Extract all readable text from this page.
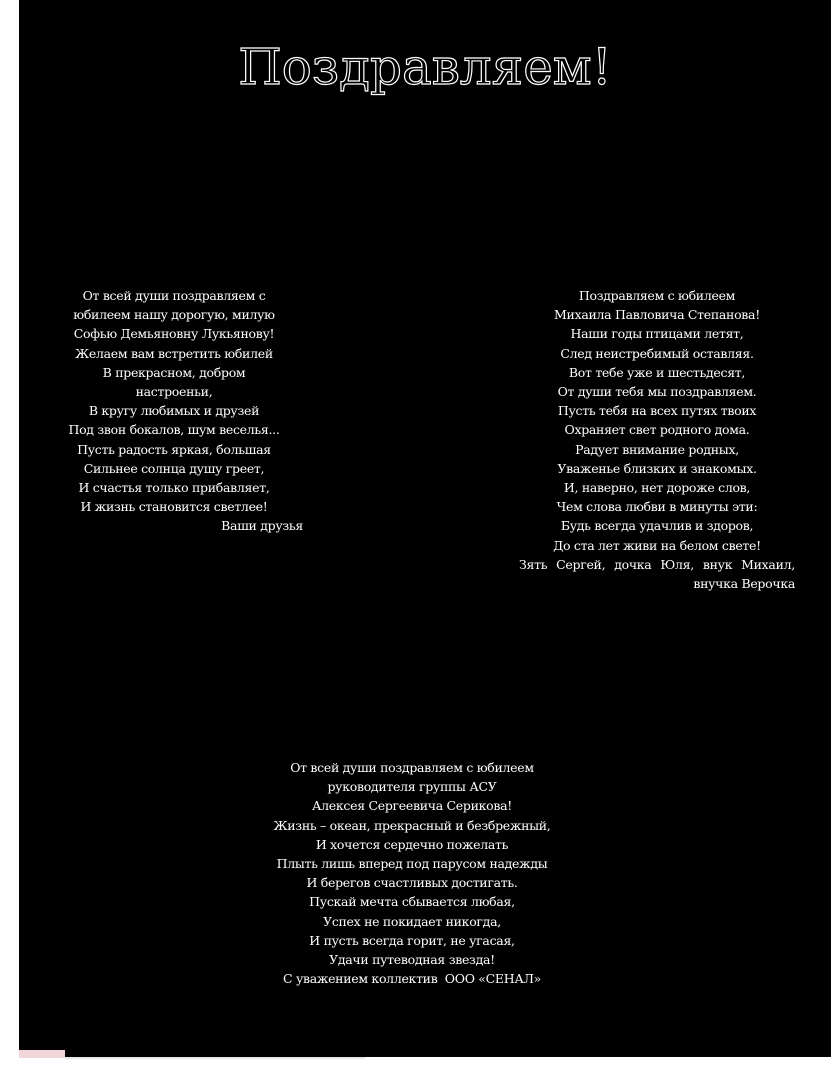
Поздравляем!
От всей души поздравляем с
юбилеем нашу дорогую, милую
Софью Демьяновну Лукьянову!
Желаем вам встретить юбилей
В прекрасном, добром
настроеньи,
В кругу любимых и друзей
Под звон бокалов, шум веселья...
Пусть радость яркая, большая
Сильнее солнца душу греет,
И счастья только прибавляет,
И жизнь становится светлее!
Ваши друзья
Поздравляем с юбилеем
Михаила Павловича Степанова!
Наши годы птицами летят,
След неистребимый оставляя.
Вот тебе уже и шестьдесят,
От души тебя мы поздравляем.
Пусть тебя на всех путях твоих
Охраняет свет родного дома.
Радует внимание родных,
Уваженье близких и знакомых.
И, наверно, нет дороже слов,
Чем слова любви в минуты эти:
Будь всегда удачлив и здоров,
До ста лет живи на белом свете!
Зять Сергей, дочка Юля, внук Михаил,
внучка Верочка
От всей души поздравляем с юбилеем
руководителя группы АСУ
Алексея Сергеевича Серикова!
Жизнь – океан, прекрасный и безбрежный,
И хочется сердечно пожелать
Плыть лишь вперед под парусом надежды
И берегов счастливых достигать.
Пускай мечта сбывается любая,
Успех не покидает никогда,
И пусть всегда горит, не угасая,
Удачи путеводная звезда!
С уважением коллектив  ООО «СЕНАЛ»
